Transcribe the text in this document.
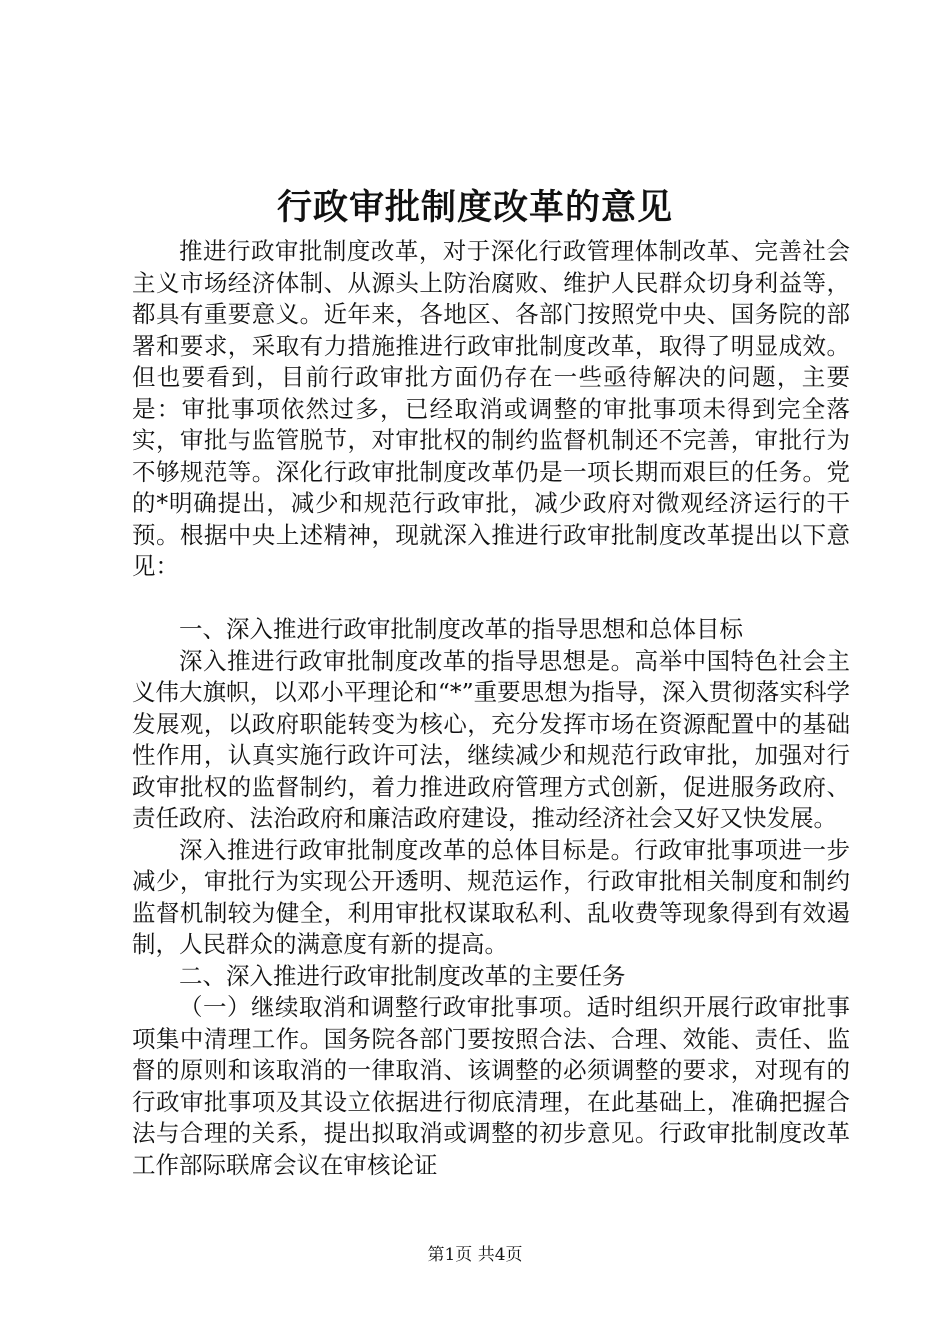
行政审批制度改革的意见

推进行政审批制度改革，对于深化行政管理体制改革、完善社会主义市场经济体制、从源头上防治腐败、维护人民群众切身利益等，都具有重要意义。近年来，各地区、各部门按照党中央、国务院的部署和要求，采取有力措施推进行政审批制度改革，取得了明显成效。但也要看到，目前行政审批方面仍存在一些亟待解决的问题，主要是：审批事项依然过多，已经取消或调整的审批事项未得到完全落实，审批与监管脱节，对审批权的制约监督机制还不完善，审批行为不够规范等。深化行政审批制度改革仍是一项长期而艰巨的任务。党的*明确提出，减少和规范行政审批，减少政府对微观经济运行的干预。根据中央上述精神，现就深入推进行政审批制度改革提出以下意见：

一、深入推进行政审批制度改革的指导思想和总体目标

深入推进行政审批制度改革的指导思想是。高举中国特色社会主义伟大旗帜，以邓小平理论和“*”重要思想为指导，深入贯彻落实科学发展观，以政府职能转变为核心，充分发挥市场在资源配置中的基础性作用，认真实施行政许可法，继续减少和规范行政审批，加强对行政审批权的监督制约，着力推进政府管理方式创新，促进服务政府、责任政府、法治政府和廉洁政府建设，推动经济社会又好又快发展。

深入推进行政审批制度改革的总体目标是。行政审批事项进一步减少，审批行为实现公开透明、规范运作，行政审批相关制度和制约监督机制较为健全，利用审批权谋取私利、乱收费等现象得到有效遏制，人民群众的满意度有新的提高。

二、深入推进行政审批制度改革的主要任务

（一）继续取消和调整行政审批事项。适时组织开展行政审批事项集中清理工作。国务院各部门要按照合法、合理、效能、责任、监督的原则和该取消的一律取消、该调整的必须调整的要求，对现有的行政审批事项及其设立依据进行彻底清理，在此基础上，准确把握合法与合理的关系，提出拟取消或调整的初步意见。行政审批制度改革工作部际联席会议在审核论证

第1页 共4页
